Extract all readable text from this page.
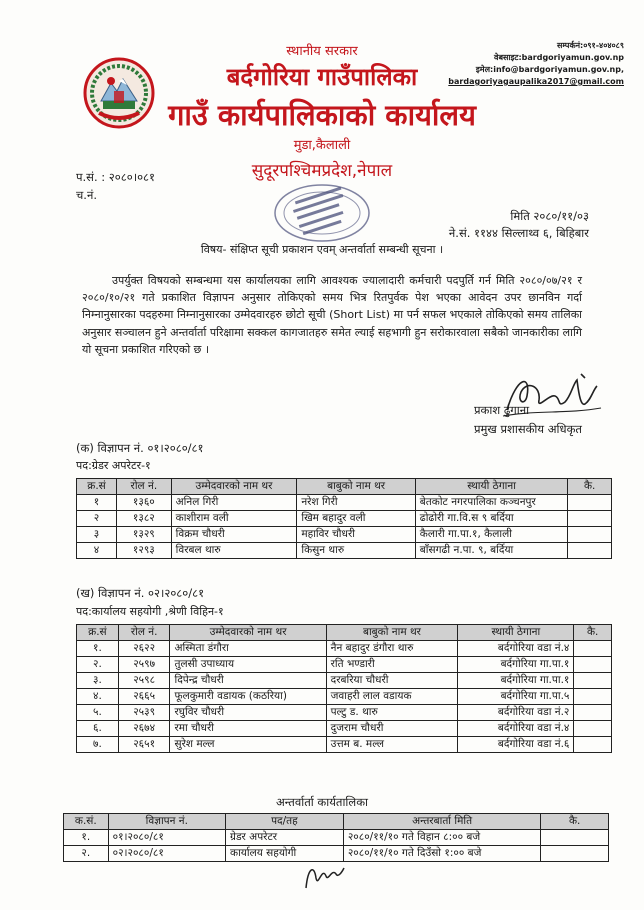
स्थानीय सरकार
बर्दगोरिया गाउँपालिका
गाउँ कार्यपालिकाको कार्यालय
मुडा,कैलाली
सुदूरपश्चिमप्रदेश,नेपाल
सम्पर्कनं:०९१-४०४०८९
वेबसाइट:bardgoriyamun.gov.np
इमेल:info@bardgoriyamun.gov.np,
bardagoriyagaupalika2017@gmail.com
प.सं. : २०८०।०८१
च.नं.
मिति २०८०/११/०३
ने.सं. ११४४ सिल्लाथ्व ६, बिहिबार
विषय- संक्षिप्त सूची प्रकाशन एवम् अन्तर्वार्ता सम्बन्धी सूचना ।
उपर्युक्त विषयको सम्बन्धमा यस कार्यालयका लागि आवश्यक ज्यालादारी कर्मचारी पदपुर्ति गर्न मिति २०८०/०७/२१ र २०८०/१०/२१ गते प्रकाशित विज्ञापन अनुसार तोकिएको समय भित्र रितपुर्वक पेश भएका आवेदन उपर छानविन गर्दा निम्नानुसारका पदहरुमा निम्नानुसारका उम्मेदवारहरु छोटो सूची (Short List) मा पर्न सफल भएकाले तोकिएको समय तालिका अनुसार सञ्चालन हुने अन्तर्वार्ता परिक्षामा सक्कल कागजातहरु समेत ल्याई सहभागी हुन सरोकारवाला सबैको जानकारीका लागि यो सूचना प्रकाशित गरिएको छ ।
प्रकाश ढुंगाना
प्रमुख प्रशासकीय अधिकृत
(क) विज्ञापन नं. ०१।२०८०/८१
पद:ग्रेडर अपरेटर-१
क्र.सं	रोल नं.	उम्मेदवारको नाम थर	बाबुको नाम थर	स्थायी ठेगाना	कै.
१	१३६०	अनिल गिरी	नरेश गिरी	बेतकोट नगरपालिका कञ्चनपुर	
२	१३८२	काशीराम वली	खिम बहादुर वली	ढोढोरी गा.वि.स ९ बर्दिया	
३	१३२९	विक्रम चौधरी	महाविर चौधरी	कैलारी गा.पा.१, कैलाली	
४	१२९३	विरबल थारु	किसुन थारु	बाँसगढी न.पा. ९, बर्दिया	
(ख) विज्ञापन नं. ०२।२०८०/८१
पद:कार्यालय सहयोगी ,श्रेणी विहिन-१
क्र.सं	रोल नं.	उम्मेदवारको नाम थर	बाबुको नाम थर	स्थायी ठेगाना	कै.
१.	२६२२	अस्मिता डंगौरा	नैन बहादुर डंगौरा थारु	बर्दगोरिया वडा नं.४	
२.	२५९७	तुलसी उपाध्याय	रति भण्डारी	बर्दगोरिया गा.पा.१	
३.	२५९८	दिपेन्द्र चौधरी	दरबरिया चौधरी	बर्दगोरिया गा.पा.१	
४.	२६६५	फूलकुमारी वडायक (कठरिया)	जवाहरी लाल वडायक	बर्दगोरिया गा.पा.५	
५.	२५३९	रघुविर चौधरी	पल्टु ड. थारु	बर्दगोरिया वडा नं.२	
६.	२६७४	रमा चौधरी	दुजराम चौधरी	बर्दगोरिया वडा नं.४	
७.	२६५१	सुरेश मल्ल	उत्तम ब. मल्ल	बर्दगोरिया वडा नं.६	
अन्तर्वार्ता कार्यतालिका
क.सं.	विज्ञापन नं.	पद/तह	अन्तरबार्ता मिति	कै.
१.	०१।२०८०/८१	ग्रेडर अपरेटर	२०८०/११/१० गते विहान ८:०० बजे	
२.	०२।२०८०/८१	कार्यालय सहयोगी	२०८०/११/१० गते दिउँसो १:०० बजे	
